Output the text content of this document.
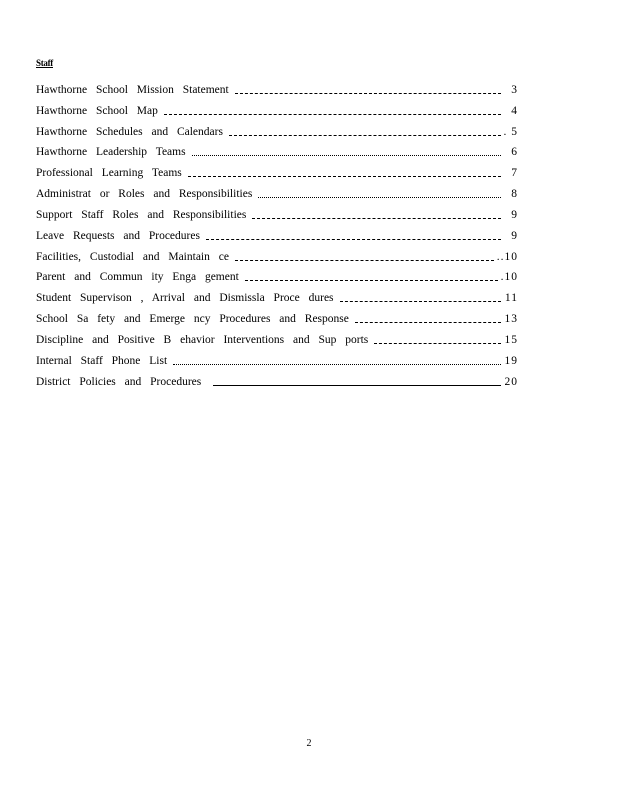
Staff
Hawthorne School Mission Statement	3
Hawthorne School Map	4
Hawthorne Schedules and Calendars	. 5
Hawthorne Leadership Teams	6
Professional Learning Teams	7
Administrat or Roles and Responsibilities	8
Support Staff Roles and Responsibilities	9
Leave Requests and Procedures	9
Facilities, Custodial and Maintain ce	..10
Parent and Commun ity Enga gement	.10
Student Supervison , Arrival and Dismissla Proce dures	11
School Sa fety and Emerge ncy Procedures and Response	13
Discipline and Positive B ehavior Interventions and Sup ports	15
Internal Staff Phone List	19
District Policies and Procedures	20
2
